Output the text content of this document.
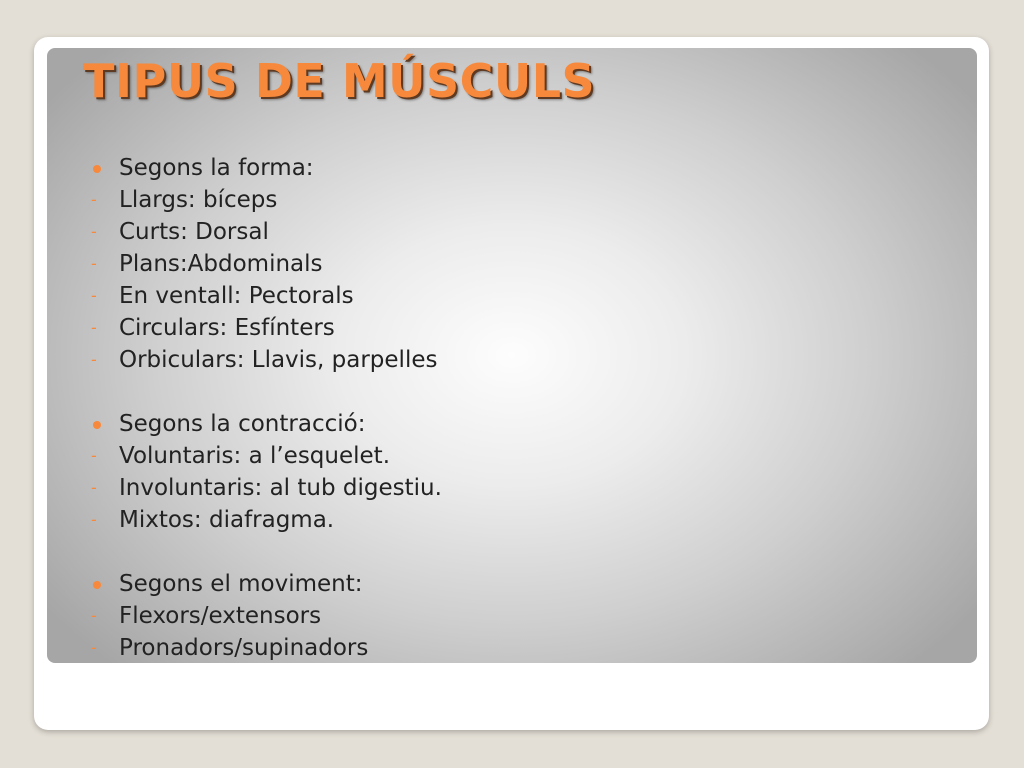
TIPUS DE MÚSCULS
Segons la forma:
- Llargs: bíceps
- Curts: Dorsal
- Plans:Abdominals
- En ventall: Pectorals
- Circulars: Esfínters
- Orbiculars: Llavis, parpelles
Segons la contracció:
- Voluntaris: a l’esquelet.
- Involuntaris: al tub digestiu.
- Mixtos: diafragma.
Segons el moviment:
- Flexors/extensors
- Pronadors/supinadors
